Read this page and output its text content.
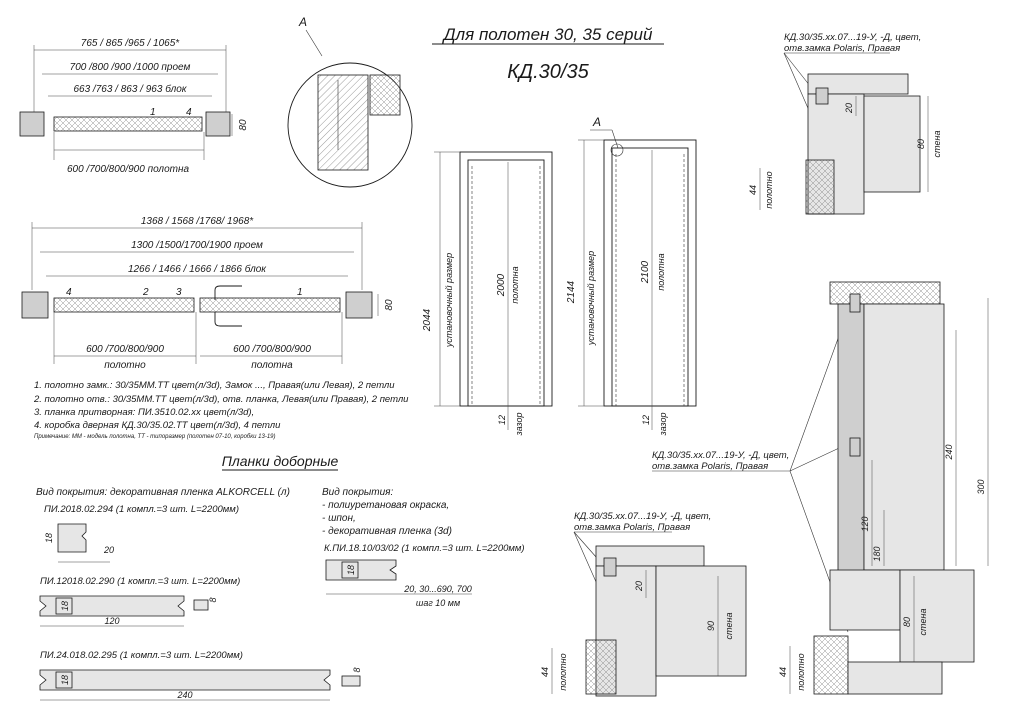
Для полотен 30, 35 серий
КД.30/35
765 / 865 /965 / 1065*
700 /800 /900 /1000 проем
663 /763 / 863 / 963 блок
600 /700/800/900 полотна
80
1	4
А
1368 / 1568 /1768/ 1968*
1300 /1500/1700/1900 проем
1266 / 1466 / 1666 / 1866 блок
600 /700/800/900
полотно
600 /700/800/900
полотна
80
4	2	3	1
1. полотно замк.: 30/35ММ.ТТ цвет(л/3d), Замок ..., Правая(или Левая), 2 петли
2. полотно отв.: 30/35ММ.ТТ цвет(л/3d), отв. планка, Левая(или Правая), 2 петли
3. планка притворная: ПИ.3510.02.хх цвет(л/3d),
4. коробка дверная КД.30/35.02.ТТ цвет(л/3d), 4 петли
Примечание: ММ - модель полотна, ТТ - типоразмер (полотен 07-10, коробки 13-19)
2044 установочный размер	2000 полотна
12 зазор
А
2144 установочный размер	2100 полотна
12 зазор
Планки доборные
Вид покрытия: декоративная пленка ALKORCELL (л)	Вид покрытия:
- полиуретановая окраска,
- шпон,
- декоративная пленка (3d)
ПИ.2018.02.294 (1 компл.=3 шт. L=2200мм)
18
20
ПИ.12018.02.290 (1 компл.=3 шт. L=2200мм)
18
120
8
ПИ.24.018.02.295 (1 компл.=3 шт. L=2200мм)
18
240
8
К.ПИ.18.10/03/02 (1 компл.=3 шт. L=2200мм)
18
20, 30...690, 700
шаг 10 мм
КД.30/35.хх.07...19-У, -Д, цвет,
отв.замка Polaris, Правая
20
80 стена
44 полотно
КД.30/35.хх.07...19-У, -Д, цвет,
отв.замка Polaris, Правая
300
240
120
180
80 стена
44 полотно
КД.30/35.хх.07...19-У, -Д, цвет,
отв.замка Polaris, Правая
20
90 стена
44 полотно
